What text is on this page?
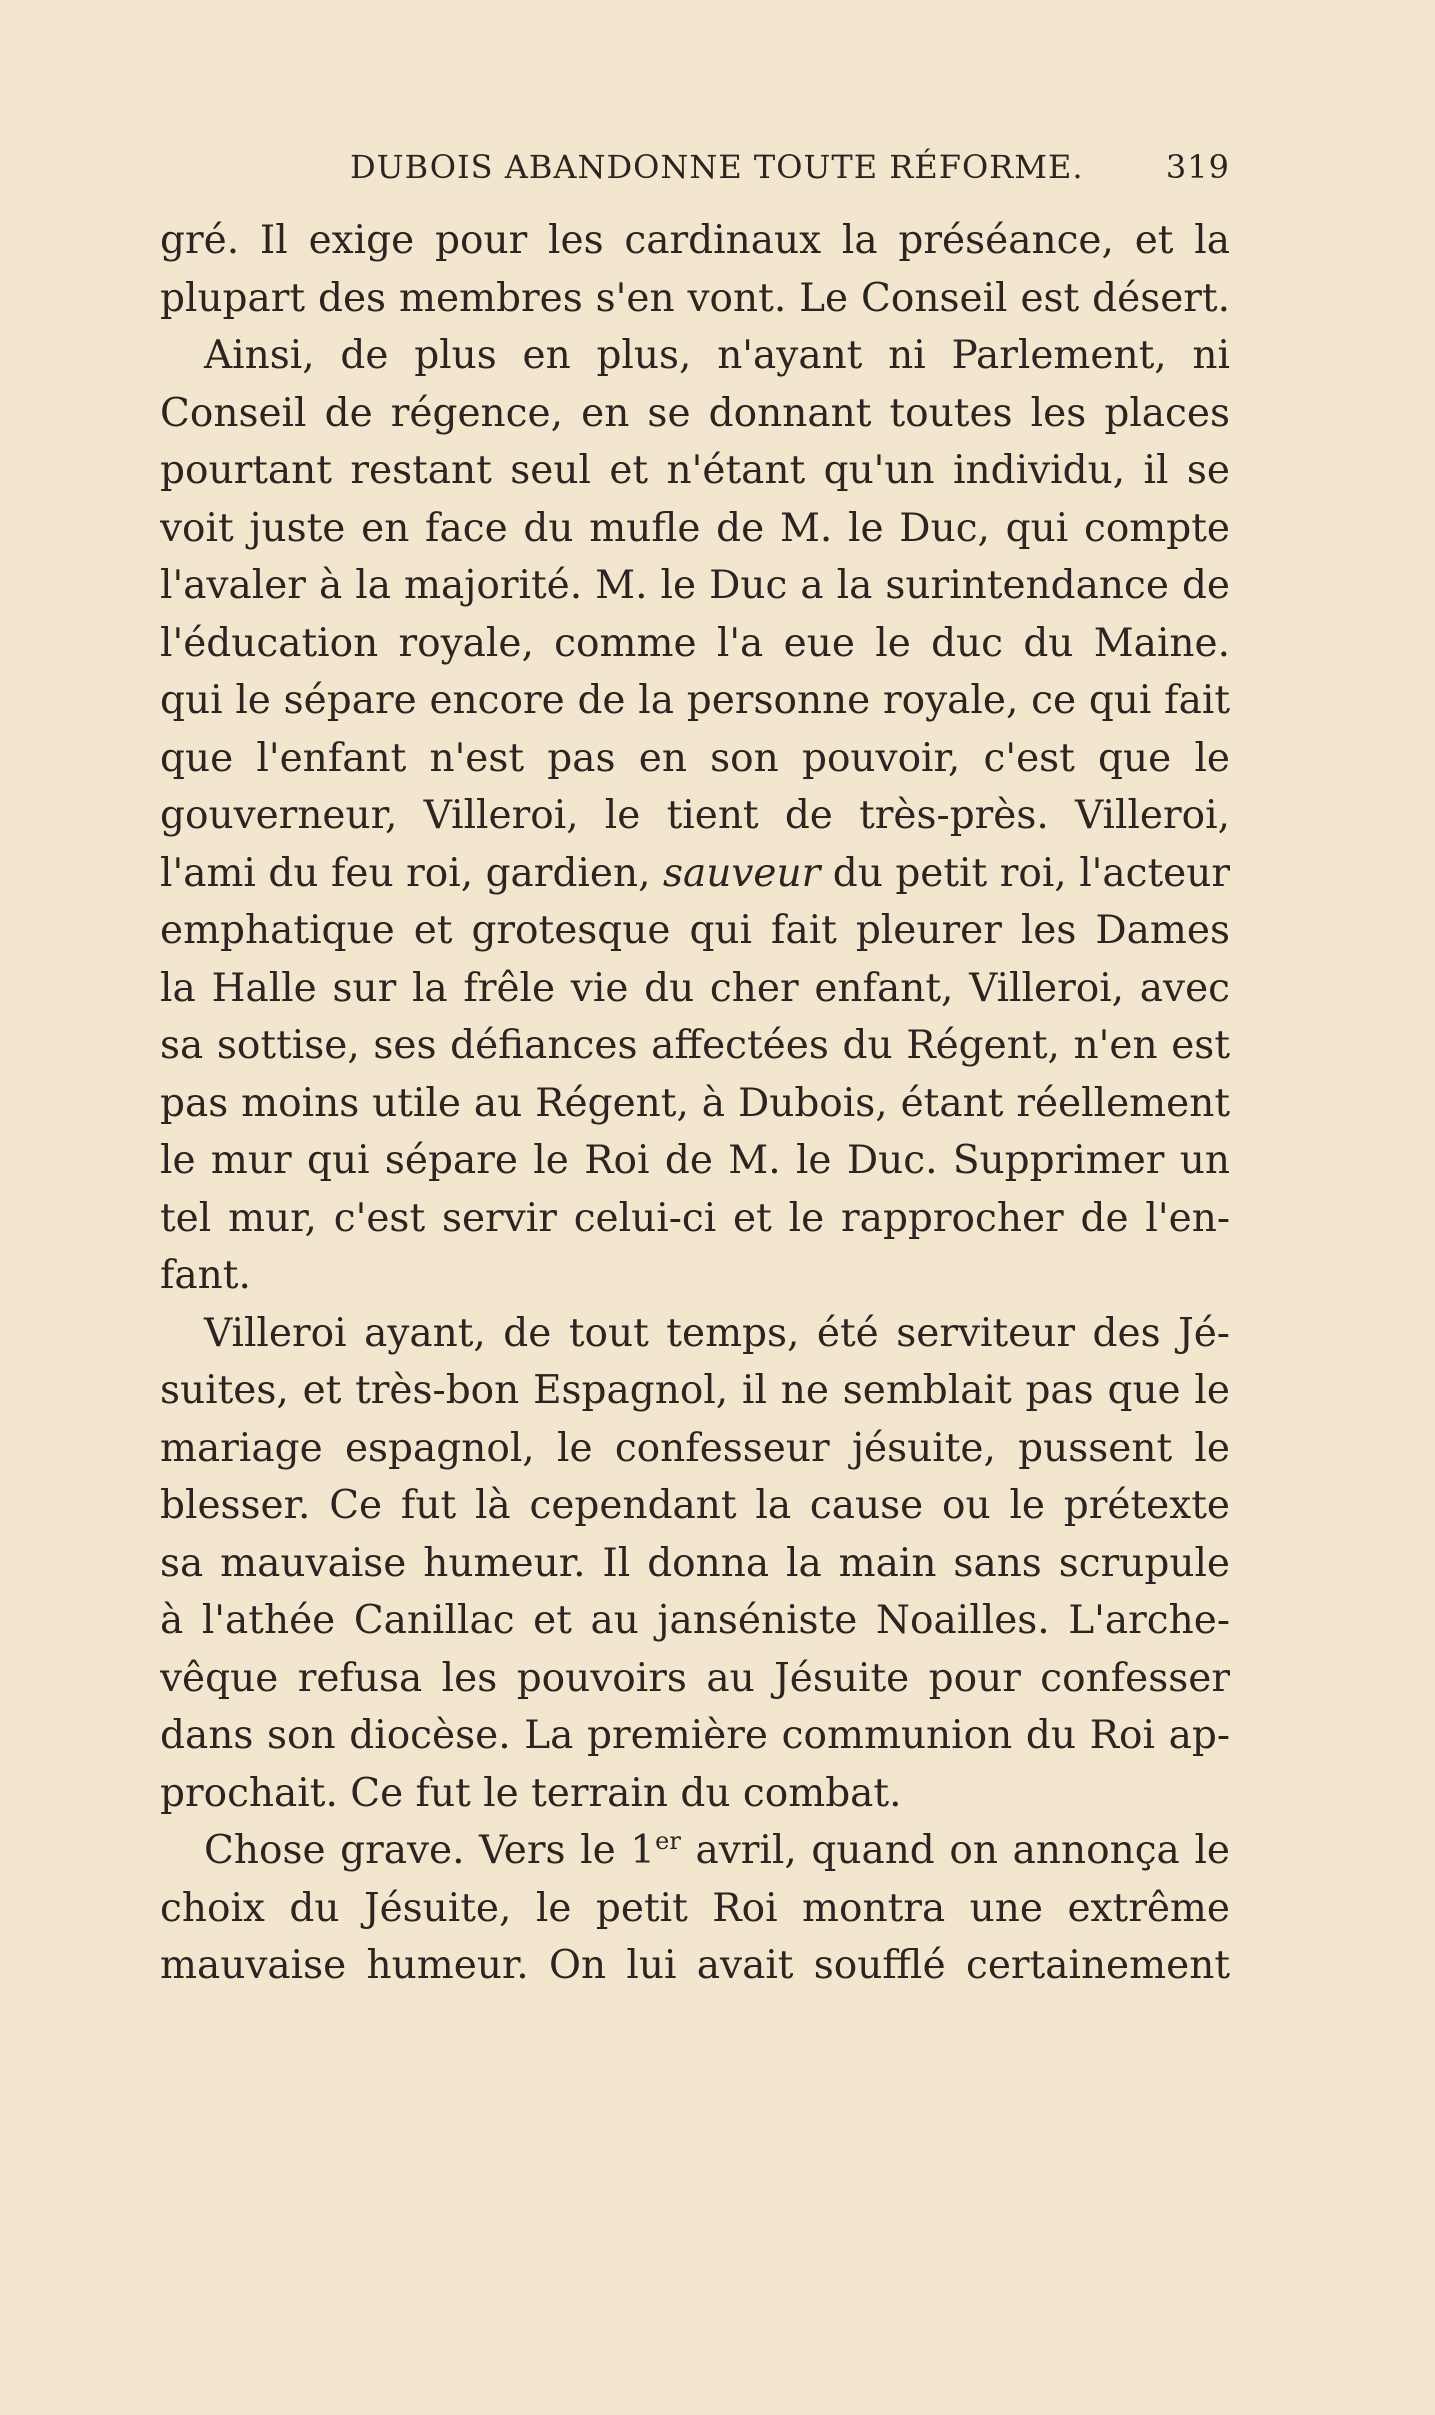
DUBOIS ABANDONNE TOUTE RÉFORME.	319
gré. Il exige pour les cardinaux la préséance, et la
plupart des membres s'en vont. Le Conseil est désert.
Ainsi, de plus en plus, n'ayant ni Parlement, ni
Conseil de régence, en se donnant toutes les places
pourtant restant seul et n'étant qu'un individu, il se
voit juste en face du mufle de M. le Duc, qui compte
l'avaler à la majorité. M. le Duc a la surintendance de
l'éducation royale, comme l'a eue le duc du Maine.
qui le sépare encore de la personne royale, ce qui fait
que l'enfant n'est pas en son pouvoir, c'est que le
gouverneur, Villeroi, le tient de très-près. Villeroi,
l'ami du feu roi, gardien, sauveur du petit roi, l'acteur
emphatique et grotesque qui fait pleurer les Dames
la Halle sur la frêle vie du cher enfant, Villeroi, avec
sa sottise, ses défiances affectées du Régent, n'en est
pas moins utile au Régent, à Dubois, étant réellement
le mur qui sépare le Roi de M. le Duc. Supprimer un
tel mur, c'est servir celui-ci et le rapprocher de l'en-
fant.
Villeroi ayant, de tout temps, été serviteur des Jé-
suites, et très-bon Espagnol, il ne semblait pas que le
mariage espagnol, le confesseur jésuite, pussent le
blesser. Ce fut là cependant la cause ou le prétexte
sa mauvaise humeur. Il donna la main sans scrupule
à l'athée Canillac et au janséniste Noailles. L'arche-
vêque refusa les pouvoirs au Jésuite pour confesser
dans son diocèse. La première communion du Roi ap-
prochait. Ce fut le terrain du combat.
Chose grave. Vers le 1er avril, quand on annonça le
choix du Jésuite, le petit Roi montra une extrême
mauvaise humeur. On lui avait soufflé certainement
